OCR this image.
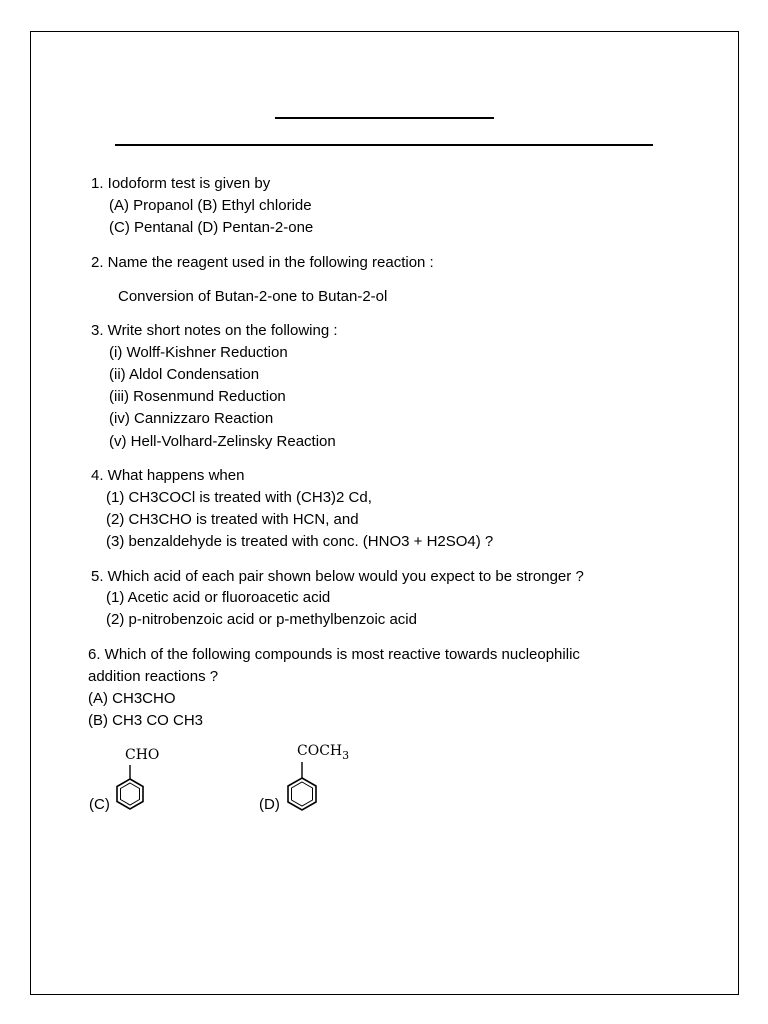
1. Iodoform test is given by
(A) Propanol (B) Ethyl chloride
(C) Pentanal (D) Pentan-2-one
2. Name the reagent used in the following reaction :
Conversion of Butan-2-one to Butan-2-ol
3. Write short notes on the following :
(i) Wolff-Kishner Reduction
(ii) Aldol Condensation
(iii) Rosenmund Reduction
(iv) Cannizzaro Reaction
(v) Hell-Volhard-Zelinsky Reaction
4. What happens when
(1) CH3COCl is treated with (CH3)2 Cd,
(2) CH3CHO is treated with HCN, and
(3) benzaldehyde is treated with conc. (HNO3 + H2SO4) ?
5. Which acid of each pair shown below would you expect to be stronger ?
(1) Acetic acid or fluoroacetic acid
(2) p-nitrobenzoic acid or p-methylbenzoic acid
6. Which of the following compounds is most reactive towards nucleophilic
addition reactions ?
(A) CH3CHO
(B) CH3 CO CH3
(C)
CHO
(D)
$COCH_3$
